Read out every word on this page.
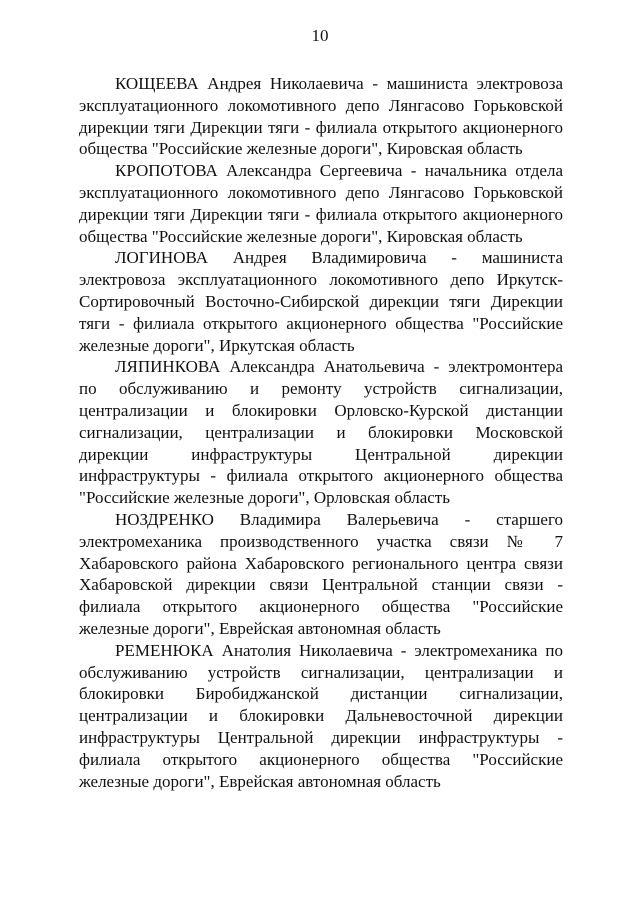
10

КОЩЕЕВА Андрея Николаевича - машиниста электровоза эксплуатационного локомотивного депо Лянгасово Горьковской дирекции тяги Дирекции тяги - филиала открытого акционерного общества "Российские железные дороги", Кировская область

КРОПОТОВА Александра Сергеевича - начальника отдела эксплуатационного локомотивного депо Лянгасово Горьковской дирекции тяги Дирекции тяги - филиала открытого акционерного общества "Российские железные дороги", Кировская область

ЛОГИНОВА Андрея Владимировича - машиниста электровоза эксплуатационного локомотивного депо Иркутск-Сортировочный Восточно-Сибирской дирекции тяги Дирекции тяги - филиала открытого акционерного общества "Российские железные дороги", Иркутская область

ЛЯПИНКОВА Александра Анатольевича - электромонтера по обслуживанию и ремонту устройств сигнализации, централизации и блокировки Орловско-Курской дистанции сигнализации, централизации и блокировки Московской дирекции инфраструктуры Центральной дирекции инфраструктуры - филиала открытого акционерного общества "Российские железные дороги", Орловская область

НОЗДРЕНКО Владимира Валерьевича - старшего электромеханика производственного участка связи № 7 Хабаровского района Хабаровского регионального центра связи Хабаровской дирекции связи Центральной станции связи - филиала открытого акционерного общества "Российские железные дороги", Еврейская автономная область

РЕМЕНЮКА Анатолия Николаевича - электромеханика по обслуживанию устройств сигнализации, централизации и блокировки Биробиджанской дистанции сигнализации, централизации и блокировки Дальневосточной дирекции инфраструктуры Центральной дирекции инфраструктуры - филиала открытого акционерного общества "Российские железные дороги", Еврейская автономная область
